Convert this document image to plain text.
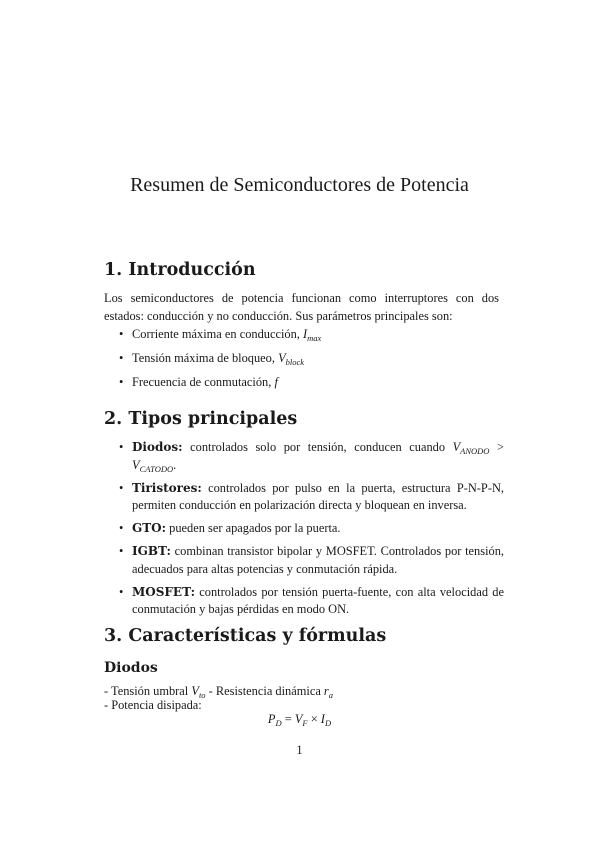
Resumen de Semiconductores de Potencia
1. Introducción
Los semiconductores de potencia funcionan como interruptores con dos estados: conducción y no conducción. Sus parámetros principales son:
• Corriente máxima en conducción, $I_{max}$
• Tensión máxima de bloqueo, $V_{block}$
• Frecuencia de conmutación, f
2. Tipos principales
• Diodos: controlados solo por tensión, conducen cuando $V_{ANODO} > V_{CATODO}$.
• Tiristores: controlados por pulso en la puerta, estructura P-N-P-N, permiten conducción en polarización directa y bloquean en inversa.
• GTO: pueden ser apagados por la puerta.
• IGBT: combinan transistor bipolar y MOSFET. Controlados por tensión, adecuados para altas potencias y conmutación rápida.
• MOSFET: controlados por tensión puerta-fuente, con alta velocidad de conmutación y bajas pérdidas en modo ON.
3. Características y fórmulas
Diodos
- Tensión umbral $V_{to}$ - Resistencia dinámica $r_a$
- Potencia disipada:
$P_D = V_F \times I_D$
1
